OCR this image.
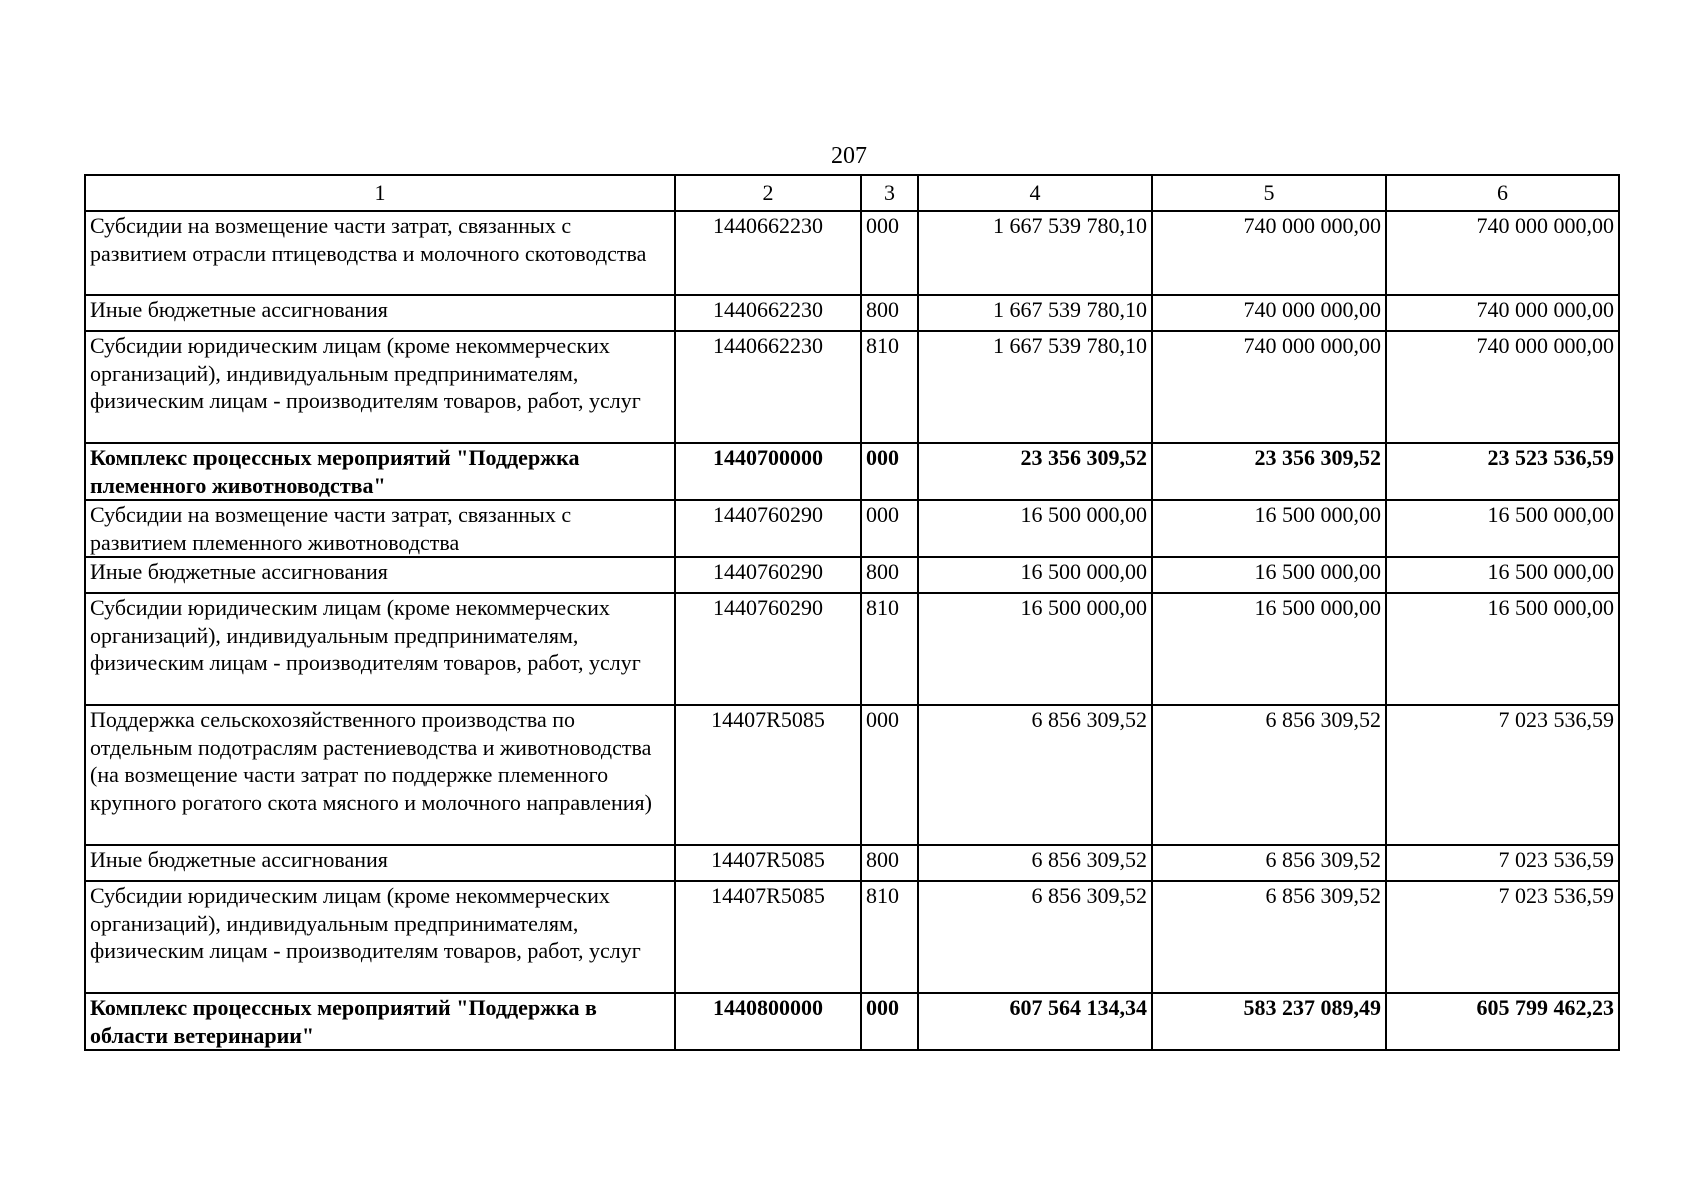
207
1	2	3	4	5	6
Субсидии на возмещение части затрат, связанных с развитием отрасли птицеводства и молочного скотоводства	1440662230	000	1 667 539 780,10	740 000 000,00	740 000 000,00
Иные бюджетные ассигнования	1440662230	800	1 667 539 780,10	740 000 000,00	740 000 000,00
Субсидии юридическим лицам (кроме некоммерческих организаций), индивидуальным предпринимателям, физическим лицам - производителям товаров, работ, услуг	1440662230	810	1 667 539 780,10	740 000 000,00	740 000 000,00
Комплекс процессных мероприятий "Поддержка племенного животноводства"	1440700000	000	23 356 309,52	23 356 309,52	23 523 536,59
Субсидии на возмещение части затрат, связанных с развитием племенного животноводства	1440760290	000	16 500 000,00	16 500 000,00	16 500 000,00
Иные бюджетные ассигнования	1440760290	800	16 500 000,00	16 500 000,00	16 500 000,00
Субсидии юридическим лицам (кроме некоммерческих организаций), индивидуальным предпринимателям, физическим лицам - производителям товаров, работ, услуг	1440760290	810	16 500 000,00	16 500 000,00	16 500 000,00
Поддержка сельскохозяйственного производства по отдельным подотраслям растениеводства и животноводства (на возмещение части затрат по поддержке племенного крупного рогатого скота мясного и молочного направления)	14407R5085	000	6 856 309,52	6 856 309,52	7 023 536,59
Иные бюджетные ассигнования	14407R5085	800	6 856 309,52	6 856 309,52	7 023 536,59
Субсидии юридическим лицам (кроме некоммерческих организаций), индивидуальным предпринимателям, физическим лицам - производителям товаров, работ, услуг	14407R5085	810	6 856 309,52	6 856 309,52	7 023 536,59
Комплекс процессных мероприятий "Поддержка в области ветеринарии"	1440800000	000	607 564 134,34	583 237 089,49	605 799 462,23
